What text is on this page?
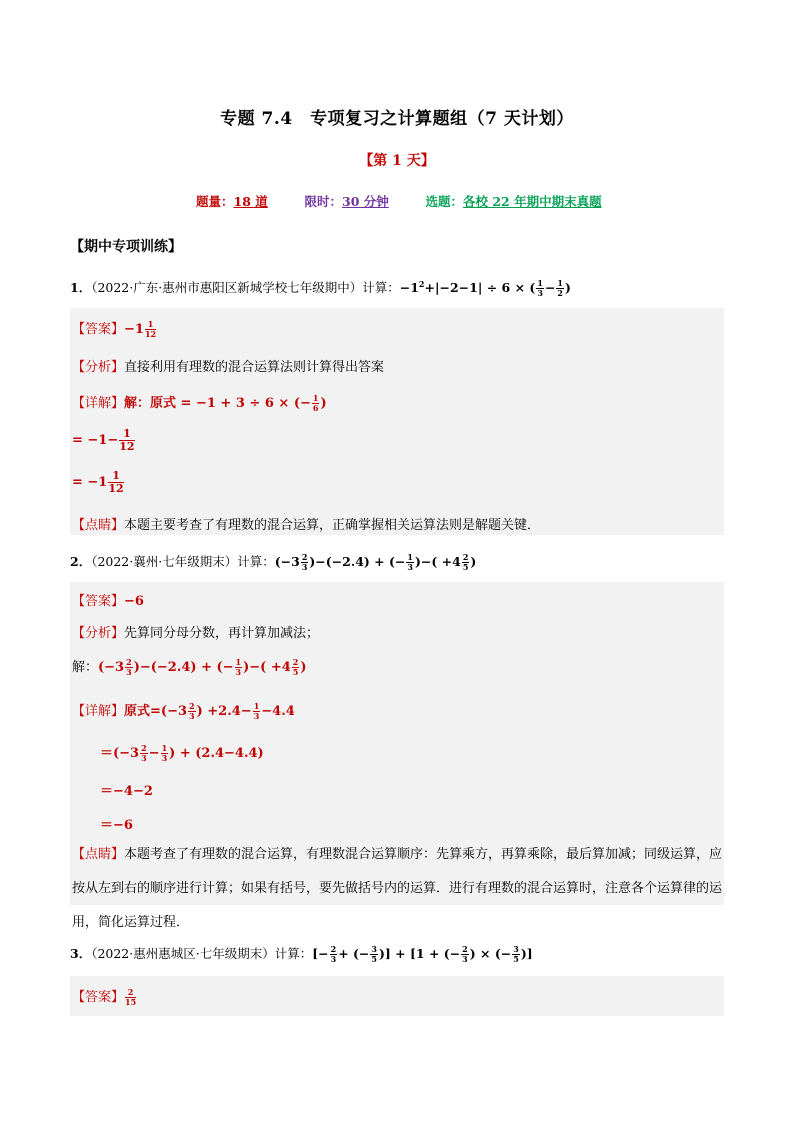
专题 7.4　专项复习之计算题组（7 天计划）
【第 1 天】
题量：18 道	限时：30 分钟	选题：各校 22 年期中期末真题
【期中专项训练】
1．（2022·广东·惠州市惠阳区新城学校七年级期中）计算：$-1^2+|-2-1| \div 6$ × ( $\frac{1}{3} - \frac{1}{2}$ )
【答案】$-1 \frac{1}{12}$
【分析】直接利用有理数的混合运算法则计算得出答案
【详解】解：原式 = −1 + 3 ÷ 6 × (− $\frac{1}{6}$ )
= $-1- \frac{1}{12}$
= $-1 \frac{1}{12}$
【点睛】本题主要考查了有理数的混合运算，正确掌握相关运算法则是解题关键．
2．（2022·襄州·七年级期末）计算：$(-3 \frac{2}{3} )-(-2.4)$ + (− $\frac{1}{3}$ )−( $+4 \frac{2}{5}$ )
【答案】−6
【分析】先算同分母分数，再计算加减法；
解：$(-3 \frac{2}{3} )-(-2.4)$ + (− $\frac{1}{3}$ )−( $+4 \frac{2}{5}$ )
【详解】原式$=(-3 \frac{2}{3}$ ) $+2.4- \frac{1}{3} -4.4$
$=(-3 \frac{2}{3} - \frac{1}{3}$ ) + (2.4−4.4)
＝−4−2
＝−6
【点睛】本题考查了有理数的混合运算，有理数混合运算顺序：先算乘方，再算乘除，最后算加减；同级运算，应按从左到右的顺序进行计算；如果有括号，要先做括号内的运算．进行有理数的混合运算时，注意各个运算律的运用，简化运算过程．
3．（2022·惠州惠城区·七年级期末）计算：[− $\frac{2}{3}$ + (− $\frac{3}{5}$ )] + [1 + (− $\frac{2}{3}$ ) × (− $\frac{3}{5}$ )]
【答案】 $\frac{2}{15}$
